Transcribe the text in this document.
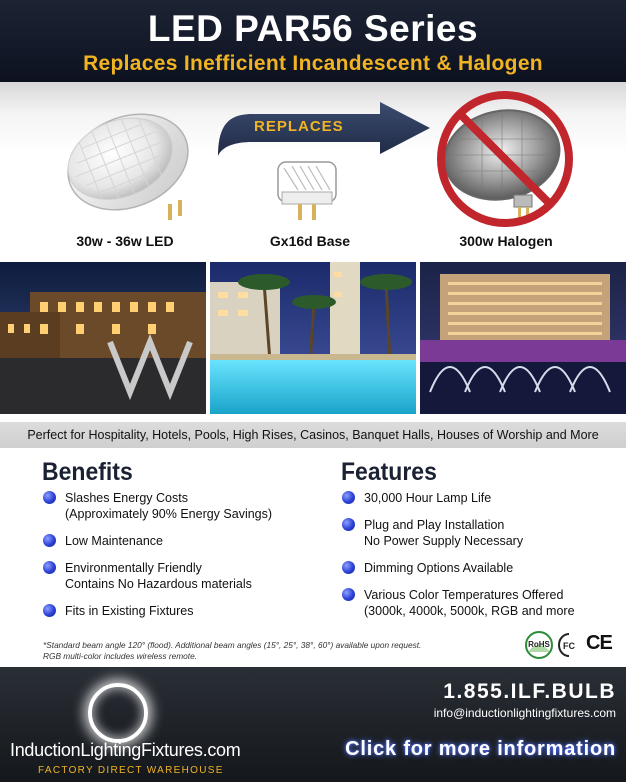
LED PAR56 Series
Replaces Inefficient Incandescent & Halogen
REPLACES
30w - 36w LED	Gx16d Base	300w Halogen
Perfect for Hospitality, Hotels, Pools, High Rises, Casinos, Banquet Halls, Houses of Worship and More
Benefits
Slashes Energy Costs
(Approximately 90% Energy Savings)
Low Maintenance
Environmentally Friendly
Contains No Hazardous materials
Fits in Existing Fixtures
Features
30,000 Hour Lamp Life
Plug and Play Installation
No Power Supply Necessary
Dimming Options Available
Various Color Temperatures Offered
(3000k, 4000k, 5000k, RGB and more
*Standard beam angle 120° (flood). Additional beam angles (15°, 25°, 38°, 60°) available upon request.
RGB multi-color includes wireless remote.
RoHS FC CE
InductionLightingFixtures.com
FACTORY DIRECT WAREHOUSE
1.855.ILF.BULB
info@inductionlightingfixtures.com
Click for more information
